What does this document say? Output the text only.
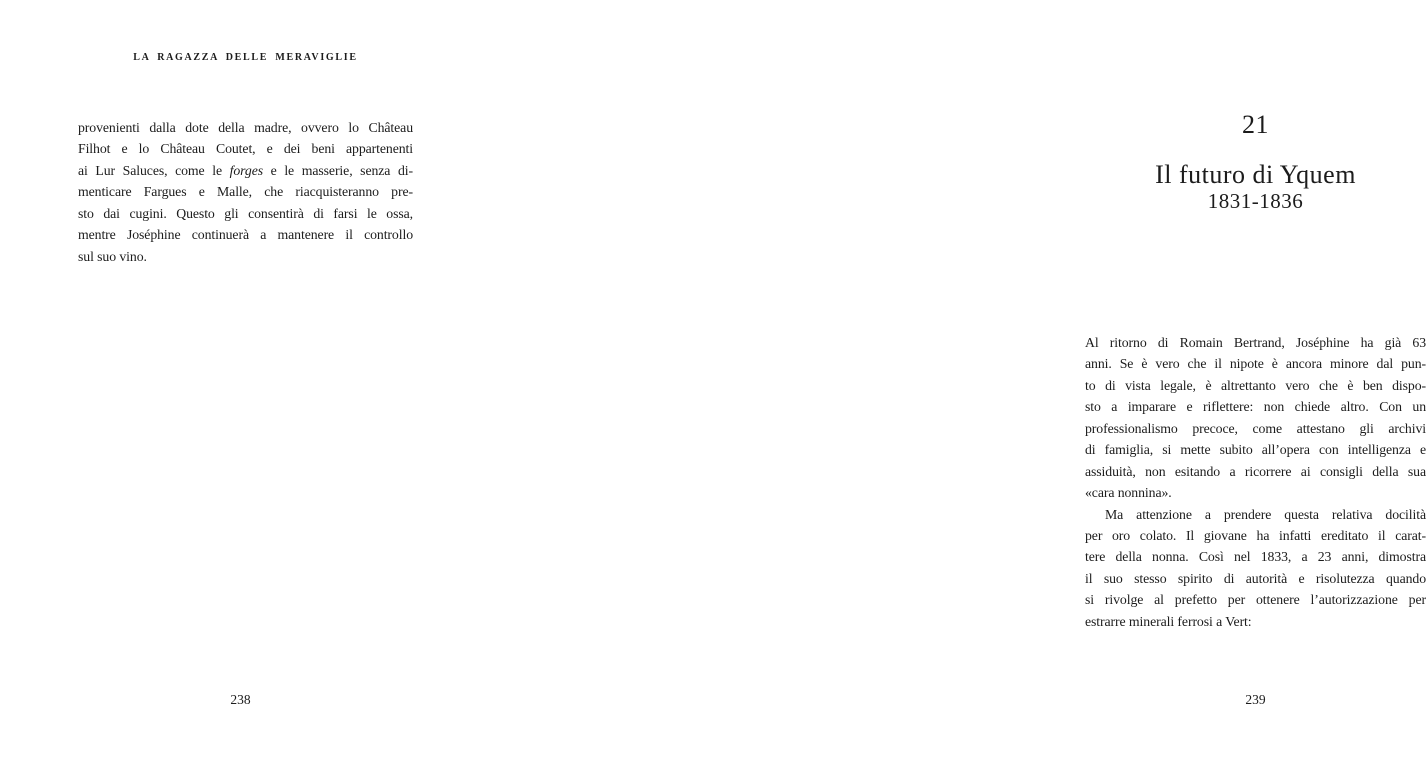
LA RAGAZZA DELLE MERAVIGLIE
provenienti dalla dote della madre, ovvero lo Château
Filhot e lo Château Coutet, e dei beni appartenenti
ai Lur Saluces, come le forges e le masserie, senza di-
menticare Fargues e Malle, che riacquisteranno pre-
sto dai cugini. Questo gli consentirà di farsi le ossa,
mentre Joséphine continuerà a mantenere il controllo
sul suo vino.
238
21
Il futuro di Yquem
1831-1836
Al ritorno di Romain Bertrand, Joséphine ha già 63
anni. Se è vero che il nipote è ancora minore dal pun-
to di vista legale, è altrettanto vero che è ben dispo-
sto a imparare e riflettere: non chiede altro. Con un
professionalismo precoce, come attestano gli archivi
di famiglia, si mette subito all’opera con intelligenza e
assiduità, non esitando a ricorrere ai consigli della sua
«cara nonnina».
Ma attenzione a prendere questa relativa docilità
per oro colato. Il giovane ha infatti ereditato il carat-
tere della nonna. Così nel 1833, a 23 anni, dimostra
il suo stesso spirito di autorità e risolutezza quando
si rivolge al prefetto per ottenere l’autorizzazione per
estrarre minerali ferrosi a Vert:
239
